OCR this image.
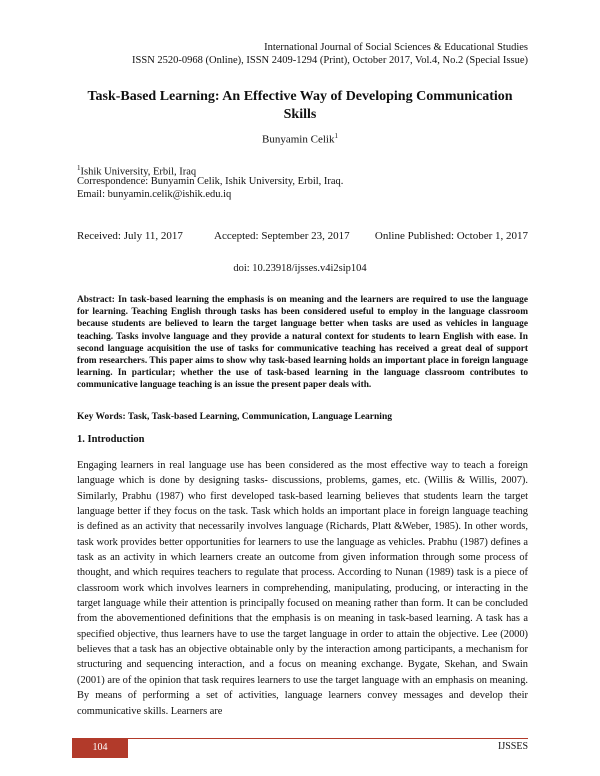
International Journal of Social Sciences & Educational Studies
ISSN 2520-0968 (Online), ISSN 2409-1294 (Print), October 2017, Vol.4, No.2 (Special Issue)
Task-Based Learning: An Effective Way of Developing Communication Skills
Bunyamin Celik$^1$
$^1$Ishik University, Erbil, Iraq
Correspondence: Bunyamin Celik, Ishik University, Erbil, Iraq.
Email: bunyamin.celik@ishik.edu.iq
Received: July 11, 2017	Accepted: September 23, 2017 Online Published: October 1, 2017
doi: 10.23918/ijsses.v4i2sip104
Abstract: In task-based learning the emphasis is on meaning and the learners are required to use the language for learning. Teaching English through tasks has been considered useful to employ in the language classroom because students are believed to learn the target language better when tasks are used as vehicles in language teaching. Tasks involve language and they provide a natural context for students to learn English with ease. In second language acquisition the use of tasks for communicative teaching has received a great deal of support from researchers. This paper aims to show why task-based learning holds an important place in foreign language learning. In particular; whether the use of task-based learning in the language classroom contributes to communicative language teaching is an issue the present paper deals with.
Key Words: Task, Task-based Learning, Communication, Language Learning
1. Introduction
Engaging learners in real language use has been considered as the most effective way to teach a foreign language which is done by designing tasks- discussions, problems, games, etc. (Willis & Willis, 2007). Similarly, Prabhu (1987) who first developed task-based learning believes that students learn the target language better if they focus on the task. Task which holds an important place in foreign language teaching is defined as an activity that necessarily involves language (Richards, Platt &Weber, 1985). In other words, task work provides better opportunities for learners to use the language as vehicles. Prabhu (1987) defines a task as an activity in which learners create an outcome from given information through some process of thought, and which requires teachers to regulate that process. According to Nunan (1989) task is a piece of classroom work which involves learners in comprehending, manipulating, producing, or interacting in the target language while their attention is principally focused on meaning rather than form. It can be concluded from the abovementioned definitions that the emphasis is on meaning in task-based learning. A task has a specified objective, thus learners have to use the target language in order to attain the objective. Lee (2000) believes that a task has an objective obtainable only by the interaction among participants, a mechanism for structuring and sequencing interaction, and a focus on meaning exchange. Bygate, Skehan, and Swain (2001) are of the opinion that task requires learners to use the target language with an emphasis on meaning. By means of performing a set of activities, language learners convey messages and develop their communicative skills. Learners are
104	IJSSES
